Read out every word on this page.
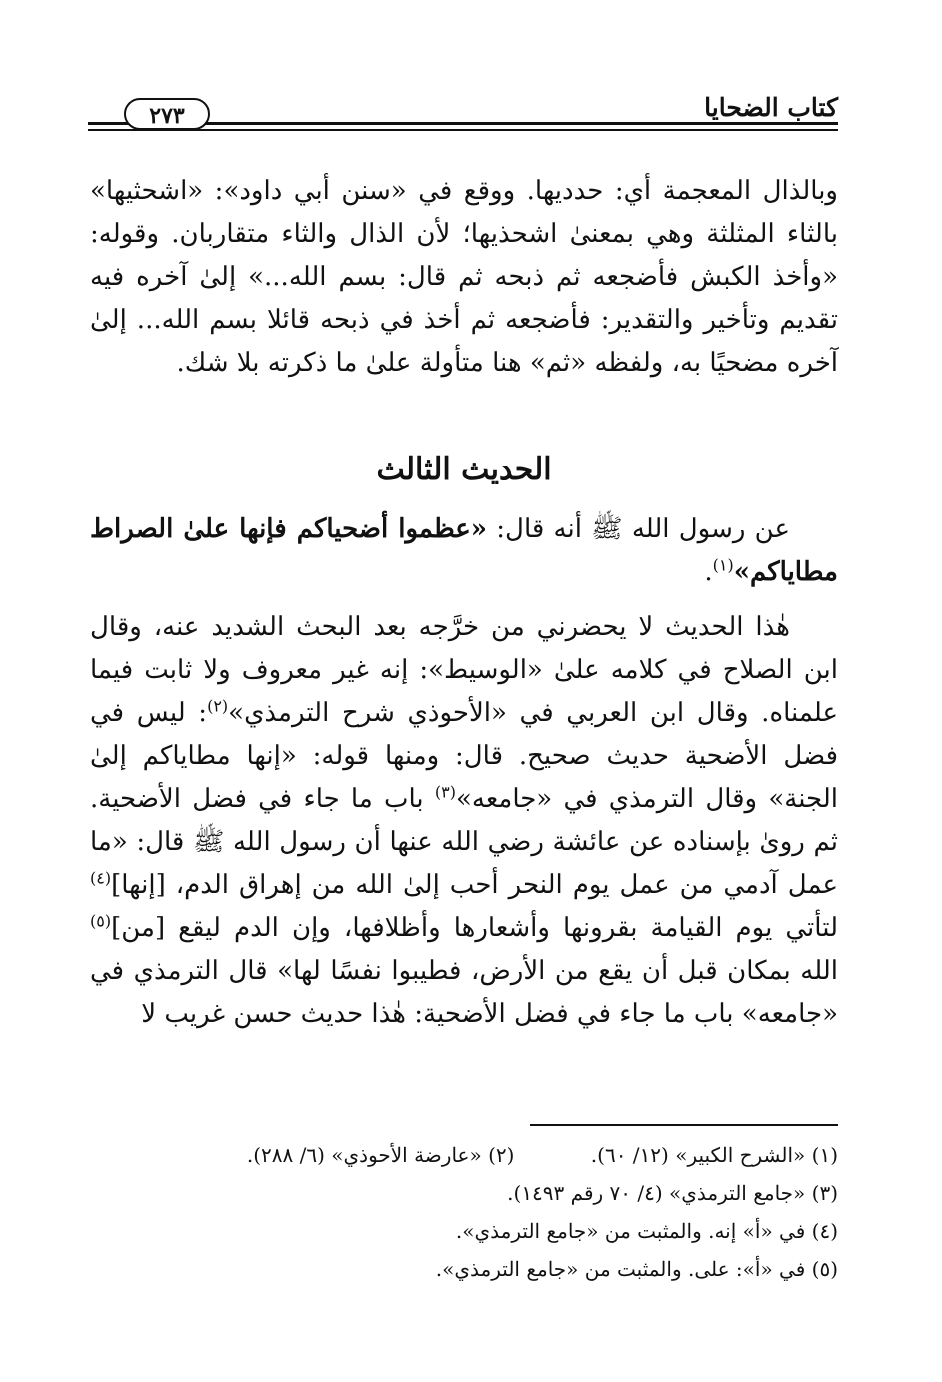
كتاب الضحايا
٢٧٣
وبالذال المعجمة أي: حدديها. ووقع في «سنن أبي داود»: «اشحثيها» بالثاء المثلثة وهي بمعنىٰ اشحذيها؛ لأن الذال والثاء متقاربان. وقوله: «وأخذ الكبش فأضجعه ثم ذبحه ثم قال: بسم الله...» إلىٰ آخره فيه تقديم وتأخير والتقدير: فأضجعه ثم أخذ في ذبحه قائلا بسم الله... إلىٰ آخره مضحيًا به، ولفظه «ثم» هنا متأولة علىٰ ما ذكرته بلا شك.
الحديث الثالث
عن رسول الله ﷺ أنه قال: «عظموا أضحياكم فإنها علىٰ الصراط مطاياكم»$^{(١)}$.
هٰذا الحديث لا يحضرني من خرَّجه بعد البحث الشديد عنه، وقال ابن الصلاح في كلامه علىٰ «الوسيط»: إنه غير معروف ولا ثابت فيما علمناه. وقال ابن العربي في «الأحوذي شرح الترمذي»$^{(٢)}$: ليس في فضل الأضحية حديث صحيح. قال: ومنها قوله: «إنها مطاياكم إلىٰ الجنة» وقال الترمذي في «جامعه»$^{(٣)}$ باب ما جاء في فضل الأضحية. ثم روىٰ بإسناده عن عائشة رضي الله عنها أن رسول الله ﷺ قال: «ما عمل آدمي من عمل يوم النحر أحب إلىٰ الله من إهراق الدم، [إنها]$^{(٤)}$ لتأتي يوم القيامة بقرونها وأشعارها وأظلافها، وإن الدم ليقع [من]$^{(٥)}$ الله بمكان قبل أن يقع من الأرض، فطيبوا نفسًا لها» قال الترمذي في «جامعه» باب ما جاء في فضل الأضحية: هٰذا حديث حسن غريب لا
(١) «الشرح الكبير» (١٢/ ٦٠). (٢) «عارضة الأحوذي» (٦/ ٢٨٨).
(٣) «جامع الترمذي» (٤/ ٧٠ رقم ١٤٩٣).
(٤) في «أ» إنه. والمثبت من «جامع الترمذي».
(٥) في «أ»: على. والمثبت من «جامع الترمذي».
